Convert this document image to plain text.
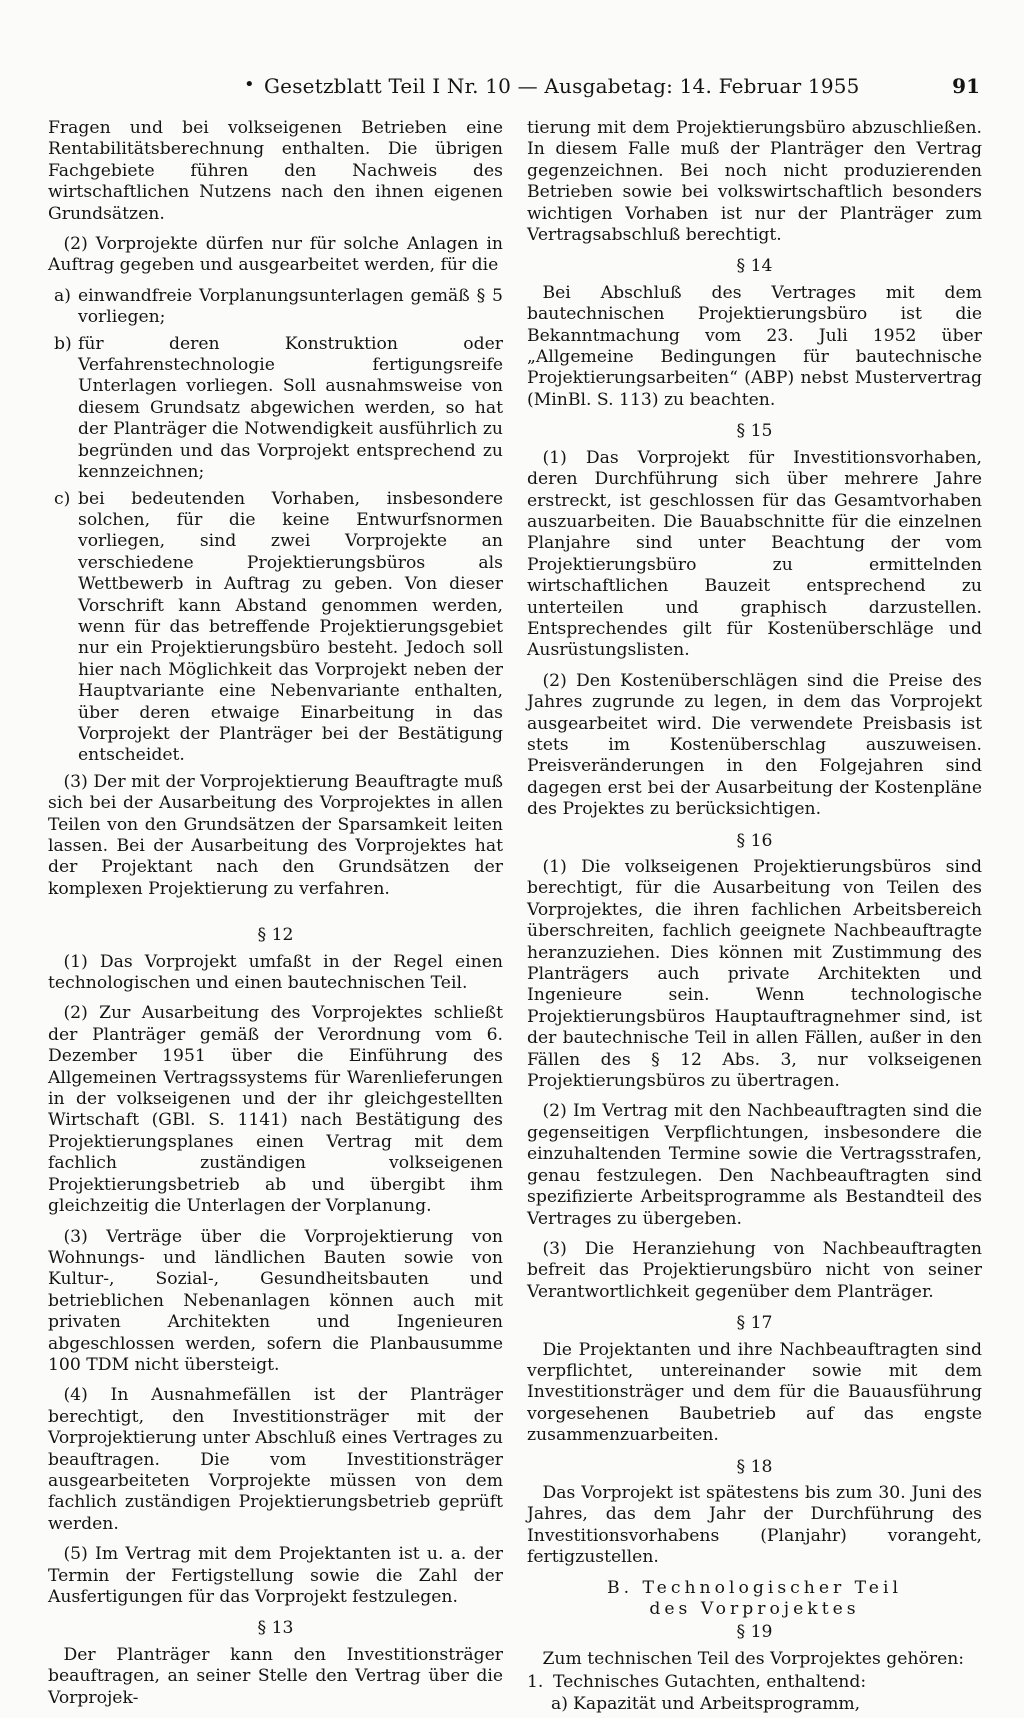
• Gesetzblatt Teil I Nr. 10 — Ausgabetag: 14. Februar 1955	91

Fragen und bei volkseigenen Betrieben eine Rentabilitätsberechnung enthalten. Die übrigen Fachgebiete führen den Nachweis des wirtschaftlichen Nutzens nach den ihnen eigenen Grundsätzen.

(2) Vorprojekte dürfen nur für solche Anlagen in Auftrag gegeben und ausgearbeitet werden, für die

a) einwandfreie Vorplanungsunterlagen gemäß § 5 vorliegen;
b) für deren Konstruktion oder Verfahrenstechnologie fertigungsreife Unterlagen vorliegen. Soll ausnahmsweise von diesem Grundsatz abgewichen werden, so hat der Planträger die Notwendigkeit ausführlich zu begründen und das Vorprojekt entsprechend zu kennzeichnen;
c) bei bedeutenden Vorhaben, insbesondere solchen, für die keine Entwurfsnormen vorliegen, sind zwei Vorprojekte an verschiedene Projektierungsbüros als Wettbewerb in Auftrag zu geben. Von dieser Vorschrift kann Abstand genommen werden, wenn für das betreffende Projektierungsgebiet nur ein Projektierungsbüro besteht. Jedoch soll hier nach Möglichkeit das Vorprojekt neben der Hauptvariante eine Nebenvariante enthalten, über deren etwaige Einarbeitung in das Vorprojekt der Planträger bei der Bestätigung entscheidet.

(3) Der mit der Vorprojektierung Beauftragte muß sich bei der Ausarbeitung des Vorprojektes in allen Teilen von den Grundsätzen der Sparsamkeit leiten lassen. Bei der Ausarbeitung des Vorprojektes hat der Projektant nach den Grundsätzen der komplexen Projektierung zu verfahren.

§ 12

(1) Das Vorprojekt umfaßt in der Regel einen technologischen und einen bautechnischen Teil.

(2) Zur Ausarbeitung des Vorprojektes schließt der Planträger gemäß der Verordnung vom 6. Dezember 1951 über die Einführung des Allgemeinen Vertragssystems für Warenlieferungen in der volkseigenen und der ihr gleichgestellten Wirtschaft (GBl. S. 1141) nach Bestätigung des Projektierungsplanes einen Vertrag mit dem fachlich zuständigen volkseigenen Projektierungsbetrieb ab und übergibt ihm gleichzeitig die Unterlagen der Vorplanung.

(3) Verträge über die Vorprojektierung von Wohnungs- und ländlichen Bauten sowie von Kultur-, Sozial-, Gesundheitsbauten und betrieblichen Nebenanlagen können auch mit privaten Architekten und Ingenieuren abgeschlossen werden, sofern die Planbausumme 100 TDM nicht übersteigt.

(4) In Ausnahmefällen ist der Planträger berechtigt, den Investitionsträger mit der Vorprojektierung unter Abschluß eines Vertrages zu beauftragen. Die vom Investitionsträger ausgearbeiteten Vorprojekte müssen von dem fachlich zuständigen Projektierungsbetrieb geprüft werden.

(5) Im Vertrag mit dem Projektanten ist u. a. der Termin der Fertigstellung sowie die Zahl der Ausfertigungen für das Vorprojekt festzulegen.

§ 13

Der Planträger kann den Investitionsträger beauftragen, an seiner Stelle den Vertrag über die Vorprojek-

tierung mit dem Projektierungsbüro abzuschließen. In diesem Falle muß der Planträger den Vertrag gegenzeichnen. Bei noch nicht produzierenden Betrieben sowie bei volkswirtschaftlich besonders wichtigen Vorhaben ist nur der Planträger zum Vertragsabschluß berechtigt.

§ 14

Bei Abschluß des Vertrages mit dem bautechnischen Projektierungsbüro ist die Bekanntmachung vom 23. Juli 1952 über „Allgemeine Bedingungen für bautechnische Projektierungsarbeiten“ (ABP) nebst Mustervertrag (MinBl. S. 113) zu beachten.

§ 15

(1) Das Vorprojekt für Investitionsvorhaben, deren Durchführung sich über mehrere Jahre erstreckt, ist geschlossen für das Gesamtvorhaben auszuarbeiten. Die Bauabschnitte für die einzelnen Planjahre sind unter Beachtung der vom Projektierungsbüro zu ermittelnden wirtschaftlichen Bauzeit entsprechend zu unterteilen und graphisch darzustellen. Entsprechendes gilt für Kostenüberschläge und Ausrüstungslisten.

(2) Den Kostenüberschlägen sind die Preise des Jahres zugrunde zu legen, in dem das Vorprojekt ausgearbeitet wird. Die verwendete Preisbasis ist stets im Kostenüberschlag auszuweisen. Preisveränderungen in den Folgejahren sind dagegen erst bei der Ausarbeitung der Kostenpläne des Projektes zu berücksichtigen.

§ 16

(1) Die volkseigenen Projektierungsbüros sind berechtigt, für die Ausarbeitung von Teilen des Vorprojektes, die ihren fachlichen Arbeitsbereich überschreiten, fachlich geeignete Nachbeauftragte heranzuziehen. Dies können mit Zustimmung des Planträgers auch private Architekten und Ingenieure sein. Wenn technologische Projektierungsbüros Hauptauftragnehmer sind, ist der bautechnische Teil in allen Fällen, außer in den Fällen des § 12 Abs. 3, nur volkseigenen Projektierungsbüros zu übertragen.

(2) Im Vertrag mit den Nachbeauftragten sind die gegenseitigen Verpflichtungen, insbesondere die einzuhaltenden Termine sowie die Vertragsstrafen, genau festzulegen. Den Nachbeauftragten sind spezifizierte Arbeitsprogramme als Bestandteil des Vertrages zu übergeben.

(3) Die Heranziehung von Nachbeauftragten befreit das Projektierungsbüro nicht von seiner Verantwortlichkeit gegenüber dem Planträger.

§ 17

Die Projektanten und ihre Nachbeauftragten sind verpflichtet, untereinander sowie mit dem Investitionsträger und dem für die Bauausführung vorgesehenen Baubetrieb auf das engste zusammenzuarbeiten.

§ 18

Das Vorprojekt ist spätestens bis zum 30. Juni des Jahres, das dem Jahr der Durchführung des Investitionsvorhabens (Planjahr) vorangeht, fertigzustellen.

B. Technologischer Teil
des Vorprojektes
§ 19

Zum technischen Teil des Vorprojektes gehören:

1. Technisches Gutachten, enthaltend:
a) Kapazität und Arbeitsprogramm,
